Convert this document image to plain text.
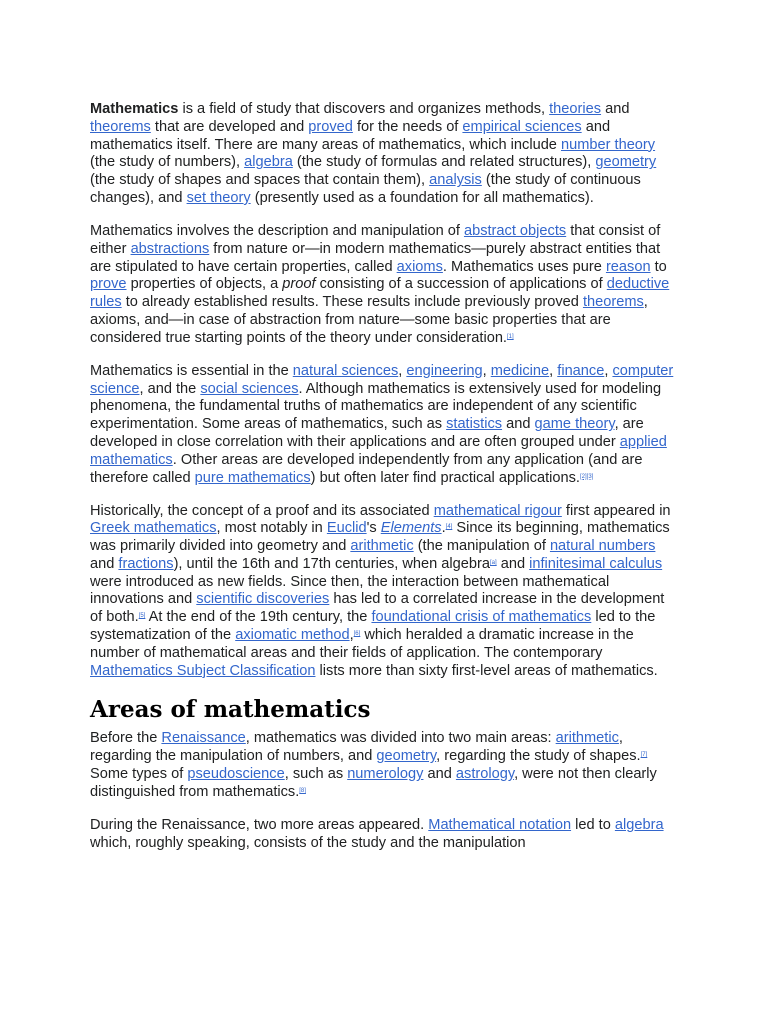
Mathematics is a field of study that discovers and organizes methods, theories and theorems that are developed and proved for the needs of empirical sciences and mathematics itself. There are many areas of mathematics, which include number theory (the study of numbers), algebra (the study of formulas and related structures), geometry (the study of shapes and spaces that contain them), analysis (the study of continuous changes), and set theory (presently used as a foundation for all mathematics).

Mathematics involves the description and manipulation of abstract objects that consist of either abstractions from nature or—in modern mathematics—purely abstract entities that are stipulated to have certain properties, called axioms. Mathematics uses pure reason to prove properties of objects, a proof consisting of a succession of applications of deductive rules to already established results. These results include previously proved theorems, axioms, and—in case of abstraction from nature—some basic properties that are considered true starting points of the theory under consideration.[1]

Mathematics is essential in the natural sciences, engineering, medicine, finance, computer science, and the social sciences. Although mathematics is extensively used for modeling phenomena, the fundamental truths of mathematics are independent of any scientific experimentation. Some areas of mathematics, such as statistics and game theory, are developed in close correlation with their applications and are often grouped under applied mathematics. Other areas are developed independently from any application (and are therefore called pure mathematics) but often later find practical applications.[2][3]

Historically, the concept of a proof and its associated mathematical rigour first appeared in Greek mathematics, most notably in Euclid's Elements.[4] Since its beginning, mathematics was primarily divided into geometry and arithmetic (the manipulation of natural numbers and fractions), until the 16th and 17th centuries, when algebra[a] and infinitesimal calculus were introduced as new fields. Since then, the interaction between mathematical innovations and scientific discoveries has led to a correlated increase in the development of both.[5] At the end of the 19th century, the foundational crisis of mathematics led to the systematization of the axiomatic method,[6] which heralded a dramatic increase in the number of mathematical areas and their fields of application. The contemporary Mathematics Subject Classification lists more than sixty first-level areas of mathematics.

Areas of mathematics

Before the Renaissance, mathematics was divided into two main areas: arithmetic, regarding the manipulation of numbers, and geometry, regarding the study of shapes.[7] Some types of pseudoscience, such as numerology and astrology, were not then clearly distinguished from mathematics.[8]

During the Renaissance, two more areas appeared. Mathematical notation led to algebra which, roughly speaking, consists of the study and the manipulation
